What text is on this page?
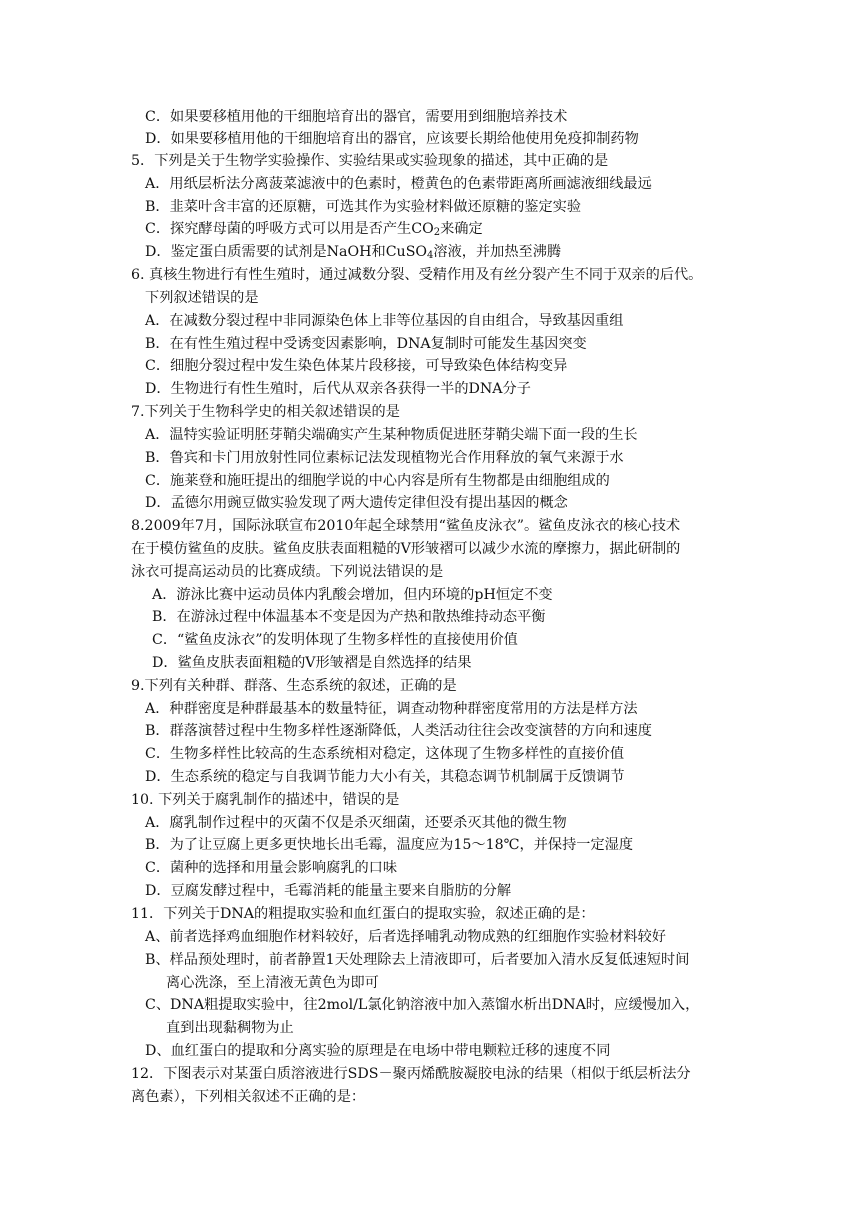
C．如果要移植用他的干细胞培育出的器官，需要用到细胞培养技术
D．如果要移植用他的干细胞培育出的器官，应该要长期给他使用免疫抑制药物
5．下列是关于生物学实验操作、实验结果或实验现象的描述，其中正确的是
A．用纸层析法分离菠菜滤液中的色素时，橙黄色的色素带距离所画滤液细线最远
B．韭菜叶含丰富的还原糖，可选其作为实验材料做还原糖的鉴定实验
C．探究酵母菌的呼吸方式可以用是否产生$CO_2$来确定
D．鉴定蛋白质需要的试剂是NaOH和CuSO$_4$溶液，并加热至沸腾
6. 真核生物进行有性生殖时，通过减数分裂、受精作用及有丝分裂产生不同于双亲的后代。
下列叙述错误的是
A．在减数分裂过程中非同源染色体上非等位基因的自由组合，导致基因重组
B．在有性生殖过程中受诱变因素影响，DNA复制时可能发生基因突变
C．细胞分裂过程中发生染色体某片段移接，可导致染色体结构变异
D．生物进行有性生殖时，后代从双亲各获得一半的DNA分子
7.下列关于生物科学史的相关叙述错误的是
A．温特实验证明胚芽鞘尖端确实产生某种物质促进胚芽鞘尖端下面一段的生长
B．鲁宾和卡门用放射性同位素标记法发现植物光合作用释放的氧气来源于水
C．施莱登和施旺提出的细胞学说的中心内容是所有生物都是由细胞组成的
D．孟德尔用豌豆做实验发现了两大遗传定律但没有提出基因的概念
8.2009年7月，国际泳联宣布2010年起全球禁用“鲨鱼皮泳衣”。鲨鱼皮泳衣的核心技术
在于模仿鲨鱼的皮肤。鲨鱼皮肤表面粗糙的V形皱褶可以减少水流的摩擦力，据此研制的
泳衣可提高运动员的比赛成绩。下列说法错误的是
A．游泳比赛中运动员体内乳酸会增加，但内环境的pH恒定不变
B．在游泳过程中体温基本不变是因为产热和散热维持动态平衡
C．“鲨鱼皮泳衣”的发明体现了生物多样性的直接使用价值
D．鲨鱼皮肤表面粗糙的V形皱褶是自然选择的结果
9.下列有关种群、群落、生态系统的叙述，正确的是
A．种群密度是种群最基本的数量特征，调查动物种群密度常用的方法是样方法
B．群落演替过程中生物多样性逐渐降低，人类活动往往会改变演替的方向和速度
C．生物多样性比较高的生态系统相对稳定，这体现了生物多样性的直接价值
D．生态系统的稳定与自我调节能力大小有关，其稳态调节机制属于反馈调节
10. 下列关于腐乳制作的描述中，错误的是
A．腐乳制作过程中的灭菌不仅是杀灭细菌，还要杀灭其他的微生物
B．为了让豆腐上更多更快地长出毛霉，温度应为15～18℃，并保持一定湿度
C．菌种的选择和用量会影响腐乳的口味
D．豆腐发酵过程中，毛霉消耗的能量主要来自脂肪的分解
11．下列关于DNA的粗提取实验和血红蛋白的提取实验，叙述正确的是：
A、前者选择鸡血细胞作材料较好，后者选择哺乳动物成熟的红细胞作实验材料较好
B、样品预处理时，前者静置1天处理除去上清液即可，后者要加入清水反复低速短时间
离心洗涤，至上清液无黄色为即可
C、DNA粗提取实验中，往2mol/L氯化钠溶液中加入蒸馏水析出DNA时，应缓慢加入，
直到出现黏稠物为止
D、血红蛋白的提取和分离实验的原理是在电场中带电颗粒迁移的速度不同
12．下图表示对某蛋白质溶液进行SDS－聚丙烯酰胺凝胶电泳的结果（相似于纸层析法分
离色素），下列相关叙述不正确的是：
